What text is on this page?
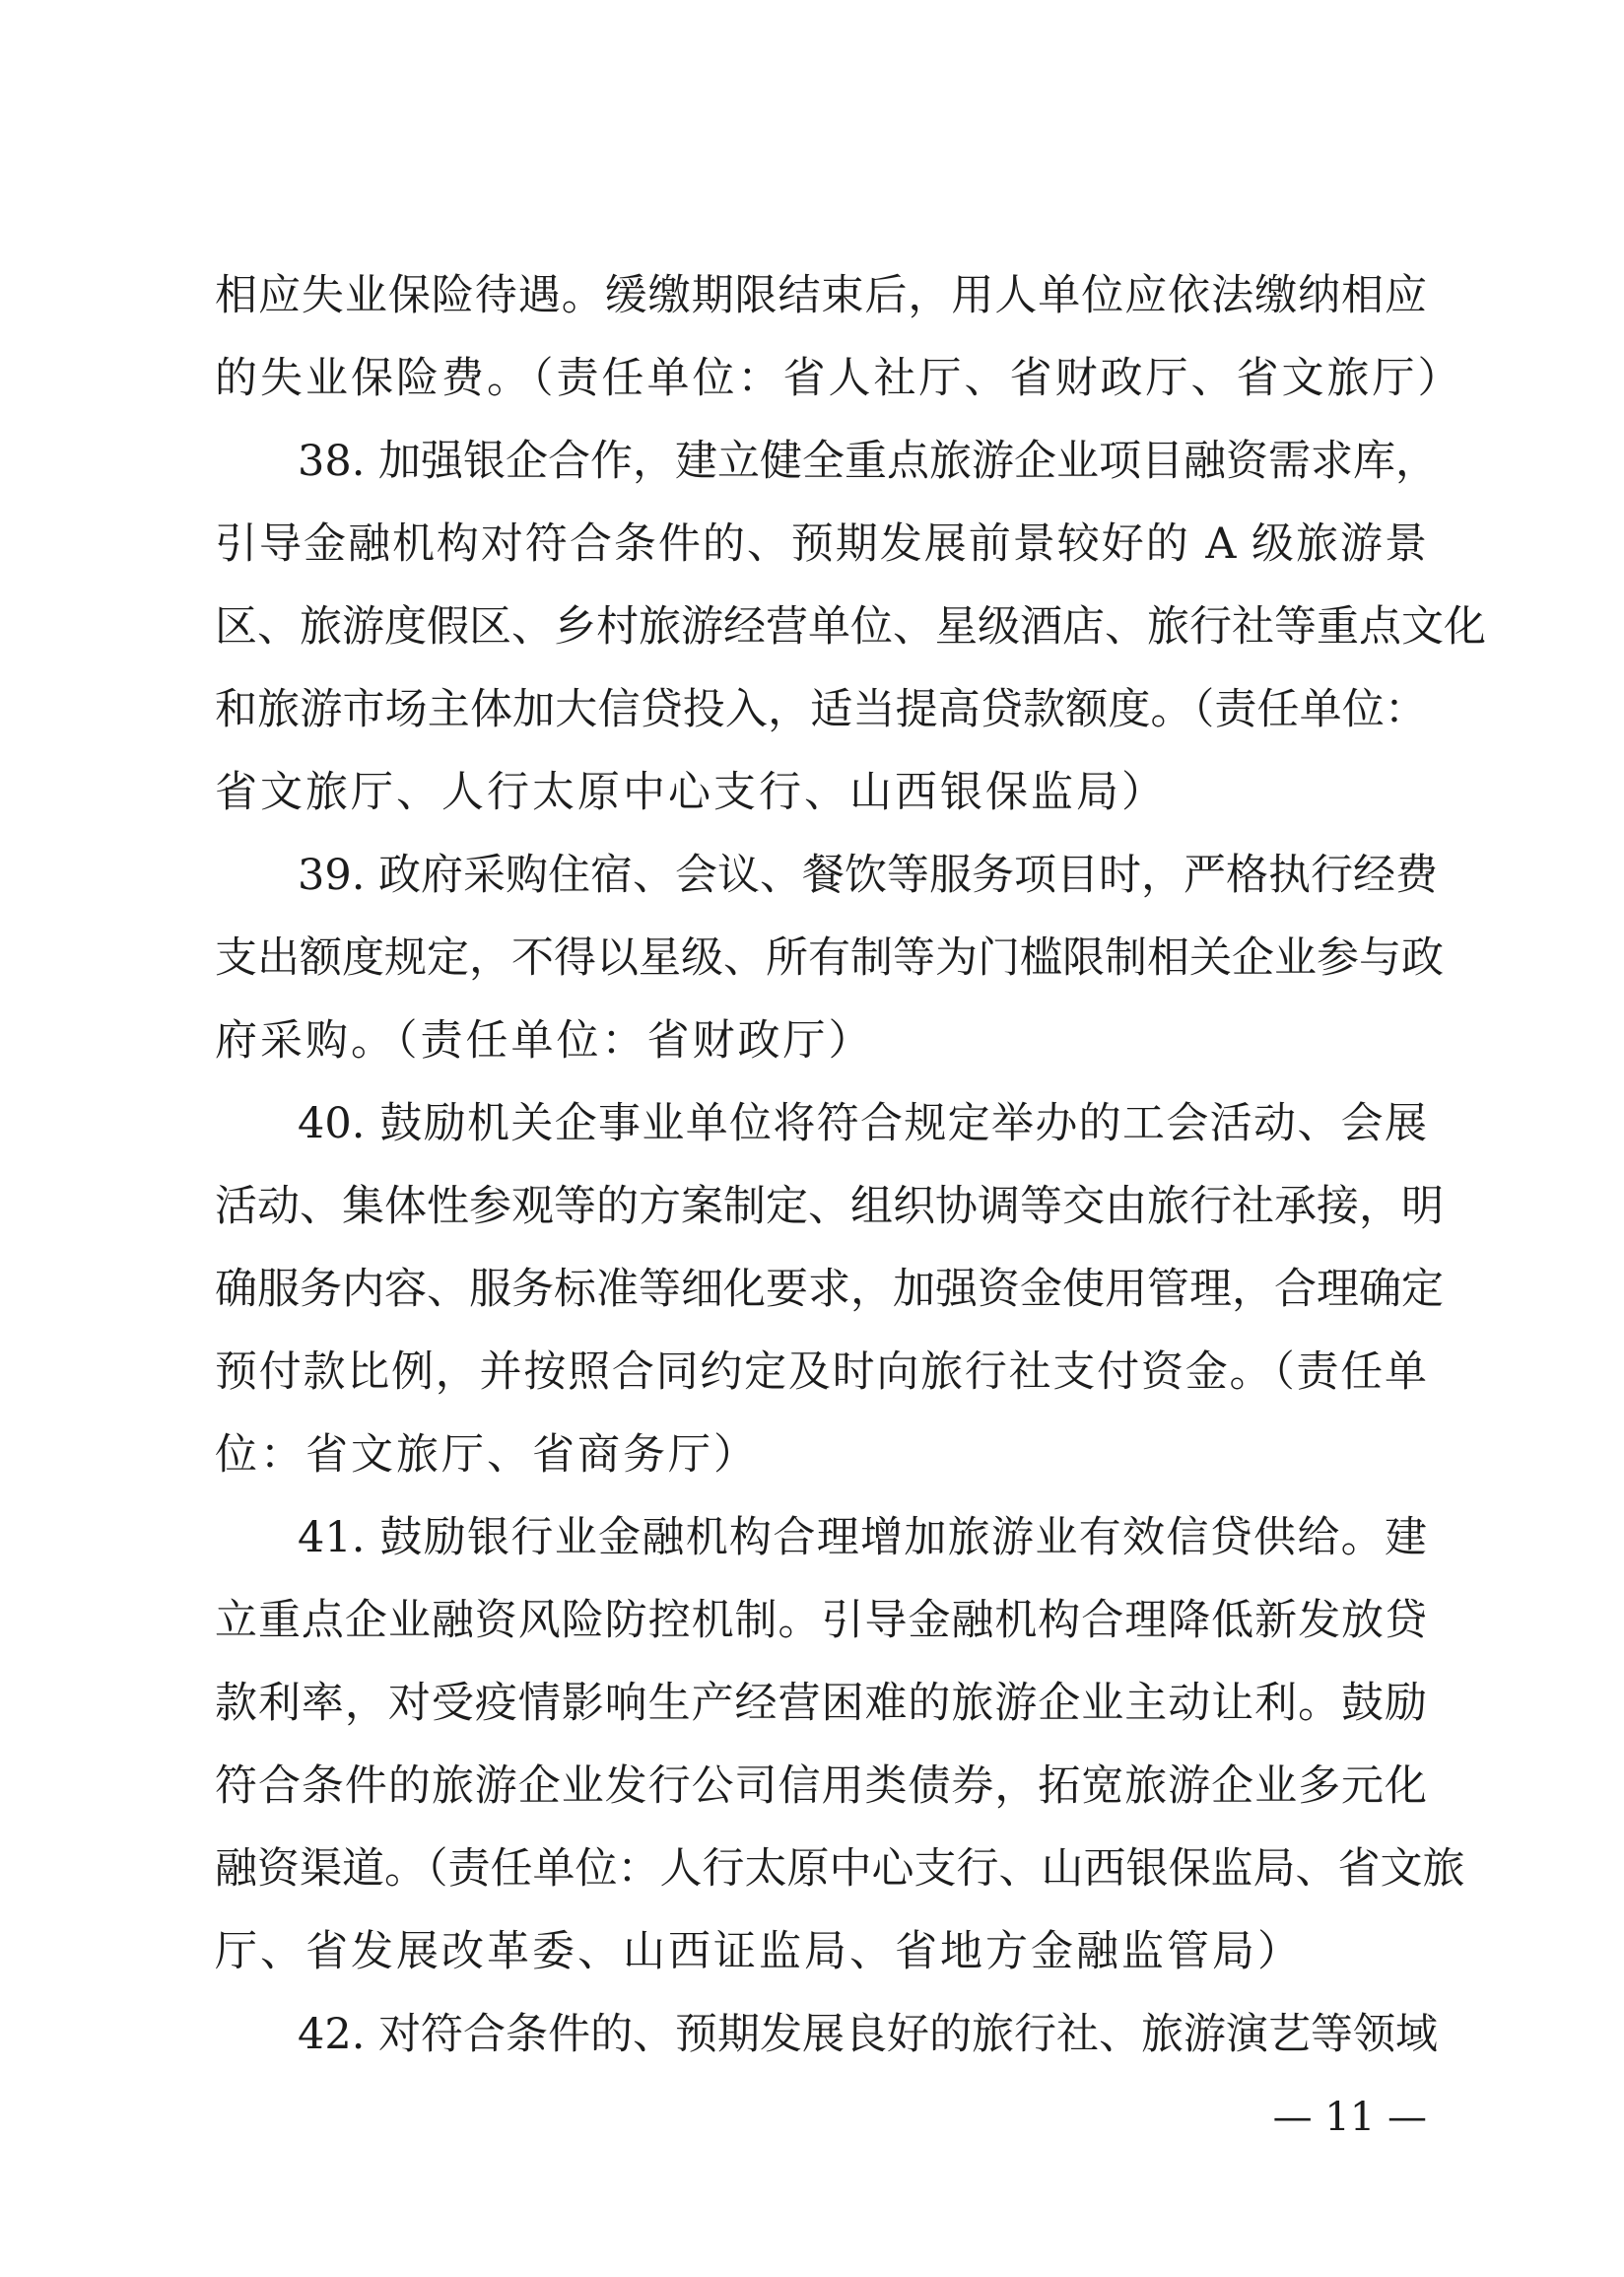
相应失业保险待遇。缓缴期限结束后，用人单位应依法缴纳相应
的失业保险费。（责任单位：省人社厅、省财政厅、省文旅厅）
38. 加强银企合作，建立健全重点旅游企业项目融资需求库，
引导金融机构对符合条件的、预期发展前景较好的 A 级旅游景
区、旅游度假区、乡村旅游经营单位、星级酒店、旅行社等重点文化
和旅游市场主体加大信贷投入，适当提高贷款额度。（责任单位：
省文旅厅、人行太原中心支行、山西银保监局）
39. 政府采购住宿、会议、餐饮等服务项目时，严格执行经费
支出额度规定，不得以星级、所有制等为门槛限制相关企业参与政
府采购。（责任单位：省财政厅）
40. 鼓励机关企事业单位将符合规定举办的工会活动、会展
活动、集体性参观等的方案制定、组织协调等交由旅行社承接，明
确服务内容、服务标准等细化要求，加强资金使用管理，合理确定
预付款比例，并按照合同约定及时向旅行社支付资金。（责任单
位：省文旅厅、省商务厅）
41. 鼓励银行业金融机构合理增加旅游业有效信贷供给。建
立重点企业融资风险防控机制。引导金融机构合理降低新发放贷
款利率，对受疫情影响生产经营困难的旅游企业主动让利。鼓励
符合条件的旅游企业发行公司信用类债券，拓宽旅游企业多元化
融资渠道。（责任单位：人行太原中心支行、山西银保监局、省文旅
厅、省发展改革委、山西证监局、省地方金融监管局）
42. 对符合条件的、预期发展良好的旅行社、旅游演艺等领域
— 11 —
